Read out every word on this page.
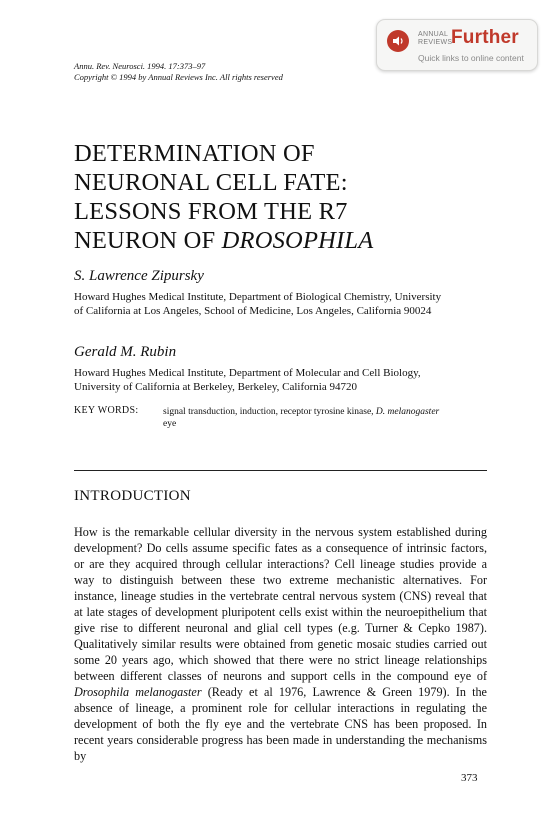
ANNUAL
REVIEWS
Further
Quick links to online content
Annu. Rev. Neurosci. 1994. 17:373–97
Copyright © 1994 by Annual Reviews Inc. All rights reserved
DETERMINATION OF
NEURONAL CELL FATE:
LESSONS FROM THE R7
NEURON OF DROSOPHILA
S. Lawrence Zipursky
Howard Hughes Medical Institute, Department of Biological Chemistry, University
of California at Los Angeles, School of Medicine, Los Angeles, California 90024
Gerald M. Rubin
Howard Hughes Medical Institute, Department of Molecular and Cell Biology,
University of California at Berkeley, Berkeley, California 94720
KEY WORDS:	signal transduction, induction, receptor tyrosine kinase, D. melanogaster
eye
INTRODUCTION
How is the remarkable cellular diversity in the nervous system established during development? Do cells assume specific fates as a consequence of intrinsic factors, or are they acquired through cellular interactions? Cell lineage studies provide a way to distinguish between these two extreme mechanistic alternatives. For instance, lineage studies in the vertebrate central nervous system (CNS) reveal that at late stages of development pluripotent cells exist within the neuroepithelium that give rise to different neuronal and glial cell types (e.g. Turner & Cepko 1987). Qualitatively similar results were obtained from genetic mosaic studies carried out some 20 years ago, which showed that there were no strict lineage relationships between different classes of neurons and support cells in the compound eye of Drosophila melanogaster (Ready et al 1976, Lawrence & Green 1979). In the absence of lineage, a prominent role for cellular interactions in regulating the development of both the fly eye and the vertebrate CNS has been proposed. In recent years considerable progress has been made in understanding the mechanisms by
373
